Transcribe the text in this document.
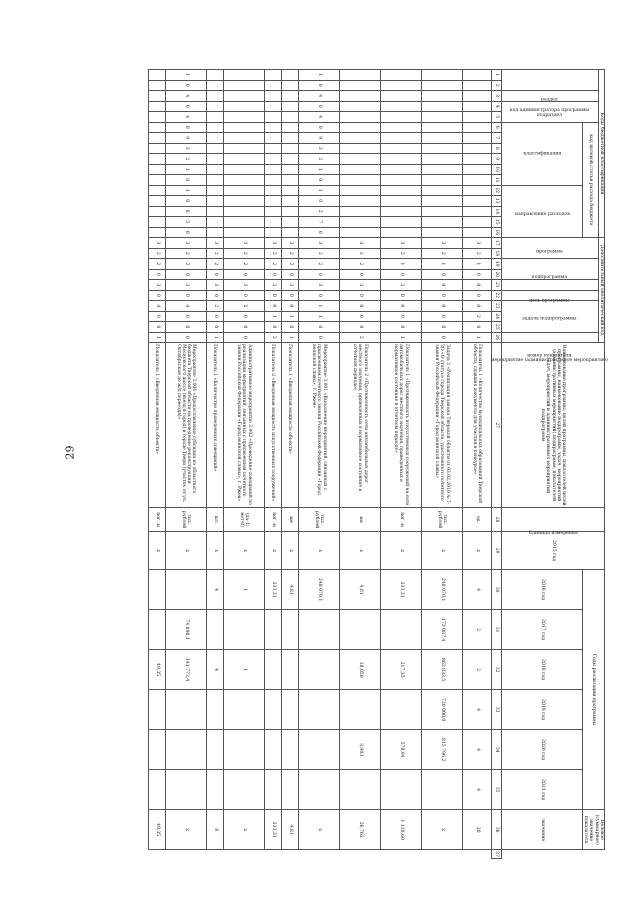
29
Коды бюджетной классификации																Дополнительный аналитический код										Наименование программы, целей программы, показателей целей программы, наименование подпрограмм, задач, мероприятий (административных мероприятий) подпрограмм, показателей задач, мероприятий и административных мероприятий подпрограмм	Единица измерения	2015 год	Годы реализации программы						Целевое (суммарное) значение показателя	
код администратора программы		раздел	подраздел		код целевой статьи расхода бюджета											программа		подпрограмма		цель программы	задача подпрограммы	мероприятие (административное мероприятие)			номер показателя											
					классификация						направление расходов																		2016 год	2017 год	2018 год	2019 год	2020 год	2021 год	значение	
1	2	3	4	5	6	7	8	9	10	11	12	13	14	15	16	17	18	19	20	21	22	23	24	25	26	27	28	29	30	31	32	33	34	35	36	37
																3	2	1	0	0	0	0	2	0	1	Показатель 1 «Количество муниципальных образований Тверской области, сдавших документы для участия в конкурсе»	ед.	х	4	2	2	4	4	4	20	
																3	2	1	0	0	0	0	0	0	0	Задача 3 «Реализация закона Тверской области от 03.02.2010 № 7-ЗО «О статусе города Тверской области, удостоенного почетного звания Российской Федерации «Город воинской славы»	тыс. рублей	х	248 070,1	173 087,4	863 833,5	720 000,0	815 796,2		х	
																3	2	1	0	3	0	0	0	0	1	Показатель 1 «Протяженность искусственных сооружений на сети автомобильных дорог местного значения, приведенных в нормативное состояние в отчетном периоде»	пог. м	х	333,31		217,35		578,94		1 129,60	
																3	2	2	0	3	0	0	0	0	2	Показатель 2 «Протяженность сети автомобильных дорог местного значения, приведенных в нормативное состояние в отчетном периоде»	км	х	4,81		18,050		3,903		26,763	
1	0	4	0	4	0	9	3	2	1	0	1	0	2	7	0	3	2	2	0	3	0	1	1	0	0	Мероприятие 3.001 «Выполнение мероприятий, связанных с присвоением почетного звания Российской Федерации «Город воинской славы», г. Ржев»	тыс. рублей	х	248 070,1						х	
																3	2	2	0	3	0	0	1	0	1	Показатель 1 «Введенная мощность объекта»	км	х	4,81						4,81	
																3	2	2	0	3	0	0	1	0	2	Показатель 2 «Введенная мощность искусственных сооружений»	пог. м	х	333,31						333,31	
																3	2	2	0	3	0	2	0	0	0	Административное мероприятие 3.002 «Проведение совещаний по реализации мероприятий, связанных с присвоением почетного звания Российской Федерации «Город воинской славы», г. Ржев»	(да-1/нет-0)	х	1		1				х	
																3	2	2	0	3	0	2	0	0	1	Показатель 1 «Количество проведенных совещаний»	шт.	х	4		4				8	
1	0	4	0	4	0	9	3	2	1	0	1	0	8	5	0	3	2	2	0	3	0	4	0	0	0	Мероприятие 3.004 «Предоставление субсидии из областного бюджета Тверской области на проведение реконструкции Московского шоссе (въезд в город) в городе Твери (участок от ул. Октябрьская до ж/д переезда)»	тыс. рублей	х		74 898,1	141 773,4				х	
																3	2	2	0	3	0	4	0	0	1	Показатель 1 «Введенная мощность объекта»	пог. м	х			49,35				49,35	
